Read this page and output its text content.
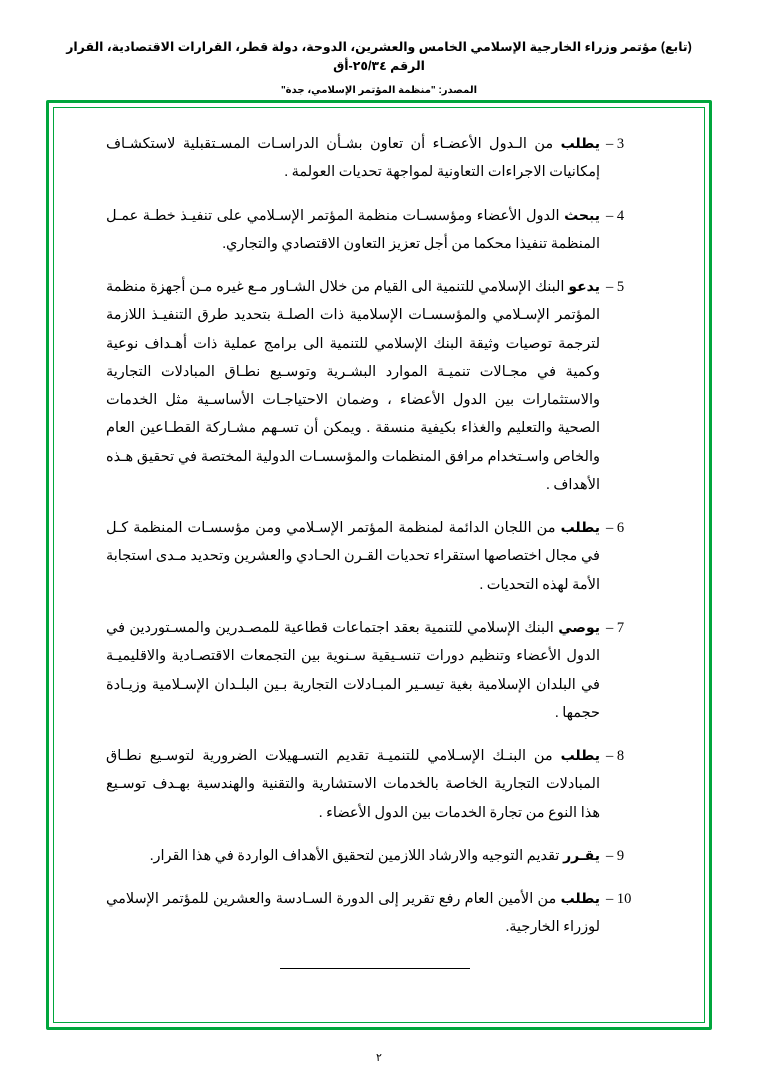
(تابع) مؤتمر وزراء الخارجية الإسلامي الخامس والعشرين، الدوحة، دولة قطر، القرارات الاقتصادية، القرار الرقم ٢٥/٣٤-أق
المصدر: "منظمة المؤتمر الإسلامي، جدة"
3 –
يطلب من الـدول الأعضـاء أن تعاون بشـأن الدراسـات المسـتقبلية لاستكشـاف إمكانيات الاجراءات التعاونية لمواجهة تحديات العولمة .
4 –
يبحث الدول الأعضاء ومؤسسـات منظمة المؤتمر الإسـلامي على تنفيـذ خطـة عمـل المنظمة تنفيذا محكما من أجل تعزيز التعاون الاقتصادي والتجاري.
5 –
يدعو البنك الإسلامي للتنمية الى القيام من خلال الشـاور مـع غيره مـن أجهزة منظمة المؤتمر الإسـلامي والمؤسسـات الإسلامية ذات الصلـة بتحديد طرق التنفيـذ اللازمة لترجمة توصيات وثيقة البنك الإسلامي للتنمية الى برامج عملية ذات أهـداف نوعية وكمية في مجـالات تنميـة الموارد البشـرية وتوسـيع نطـاق المبادلات التجارية والاستثمارات بين الدول الأعضاء ، وضمان الاحتياجـات الأساسـية مثل الخدمات الصحية والتعليم والغذاء بكيفية منسقة . ويمكن أن تسـهم مشـاركة القطـاعين العام والخاص واسـتخدام مرافق المنظمات والمؤسسـات الدولية المختصة في تحقيق هـذه الأهداف .
6 –
يطلب من اللجان الدائمة لمنظمة المؤتمر الإسـلامي ومن مؤسسـات المنظمة كـل في مجال اختصاصها استقراء تحديات القـرن الحـادي والعشرين وتحديد مـدى استجابة الأمة لهذه التحديات .
7 –
يوصي البنك الإسلامي للتنمية بعقد اجتماعات قطاعية للمصـدرين والمسـتوردين في الدول الأعضاء وتنظيم دورات تنسـيقية سـنوية بين التجمعات الاقتصـادية والاقليميـة في البلدان الإسلامية بغية تيسـير المبـادلات التجارية بـين البلـدان الإسـلامية وزيـادة حجمها .
8 –
يطلب من البنـك الإسـلامي للتنميـة تقديم التسـهيلات الضرورية لتوسـيع نطـاق المبادلات التجارية الخاصة بالخدمات الاستشارية والتقنية والهندسية بهـدف توسـيع هذا النوع من تجارة الخدمات بين الدول الأعضاء .
9 –
يقـرر تقديم التوجيه والارشاد اللازمين لتحقيق الأهداف الواردة في هذا القرار.
10 –
يطلب من الأمين العام رفع تقرير إلى الدورة السـادسة والعشرين للمؤتمر الإسلامي لوزراء الخارجية.
٢
